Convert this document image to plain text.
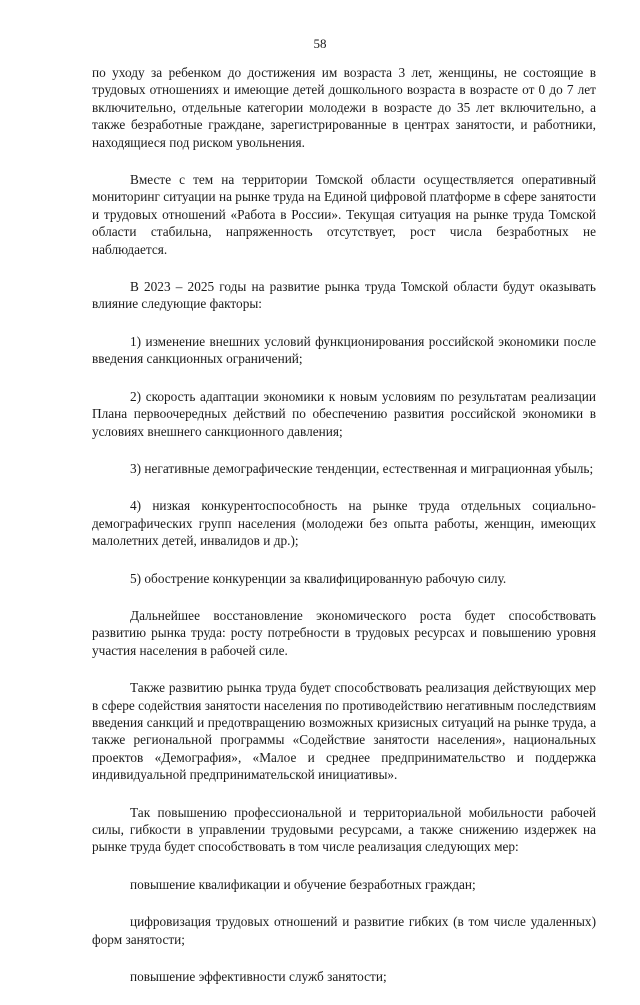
58

по уходу за ребенком до достижения им возраста 3 лет, женщины, не состоящие в трудовых отношениях и имеющие детей дошкольного возраста в возрасте от 0 до 7 лет включительно, отдельные категории молодежи в возрасте до 35 лет включительно, а также безработные граждане, зарегистрированные в центрах занятости, и работники, находящиеся под риском увольнения.

Вместе с тем на территории Томской области осуществляется оперативный мониторинг ситуации на рынке труда на Единой цифровой платформе в сфере занятости и трудовых отношений «Работа в России». Текущая ситуация на рынке труда Томской области стабильна, напряженность отсутствует, рост числа безработных не наблюдается.

В 2023 – 2025 годы на развитие рынка труда Томской области будут оказывать влияние следующие факторы:

1) изменение внешних условий функционирования российской экономики после введения санкционных ограничений;

2) скорость адаптации экономики к новым условиям по результатам реализации Плана первоочередных действий по обеспечению развития российской экономики в условиях внешнего санкционного давления;

3) негативные демографические тенденции, естественная и миграционная убыль;

4) низкая конкурентоспособность на рынке труда отдельных социально-демографических групп населения (молодежи без опыта работы, женщин, имеющих малолетних детей, инвалидов и др.);

5) обострение конкуренции за квалифицированную рабочую силу.

Дальнейшее восстановление экономического роста будет способствовать развитию рынка труда: росту потребности в трудовых ресурсах и повышению уровня участия населения в рабочей силе.

Также развитию рынка труда будет способствовать реализация действующих мер в сфере содействия занятости населения по противодействию негативным последствиям введения санкций и предотвращению возможных кризисных ситуаций на рынке труда, а также региональной программы «Содействие занятости населения», национальных проектов «Демография», «Малое и среднее предпринимательство и поддержка индивидуальной предпринимательской инициативы».

Так повышению профессиональной и территориальной мобильности рабочей силы, гибкости в управлении трудовыми ресурсами, а также снижению издержек на рынке труда будет способствовать в том числе реализация следующих мер:

повышение квалификации и обучение безработных граждан;

цифровизация трудовых отношений и развитие гибких (в том числе удаленных) форм занятости;

повышение эффективности служб занятости;
